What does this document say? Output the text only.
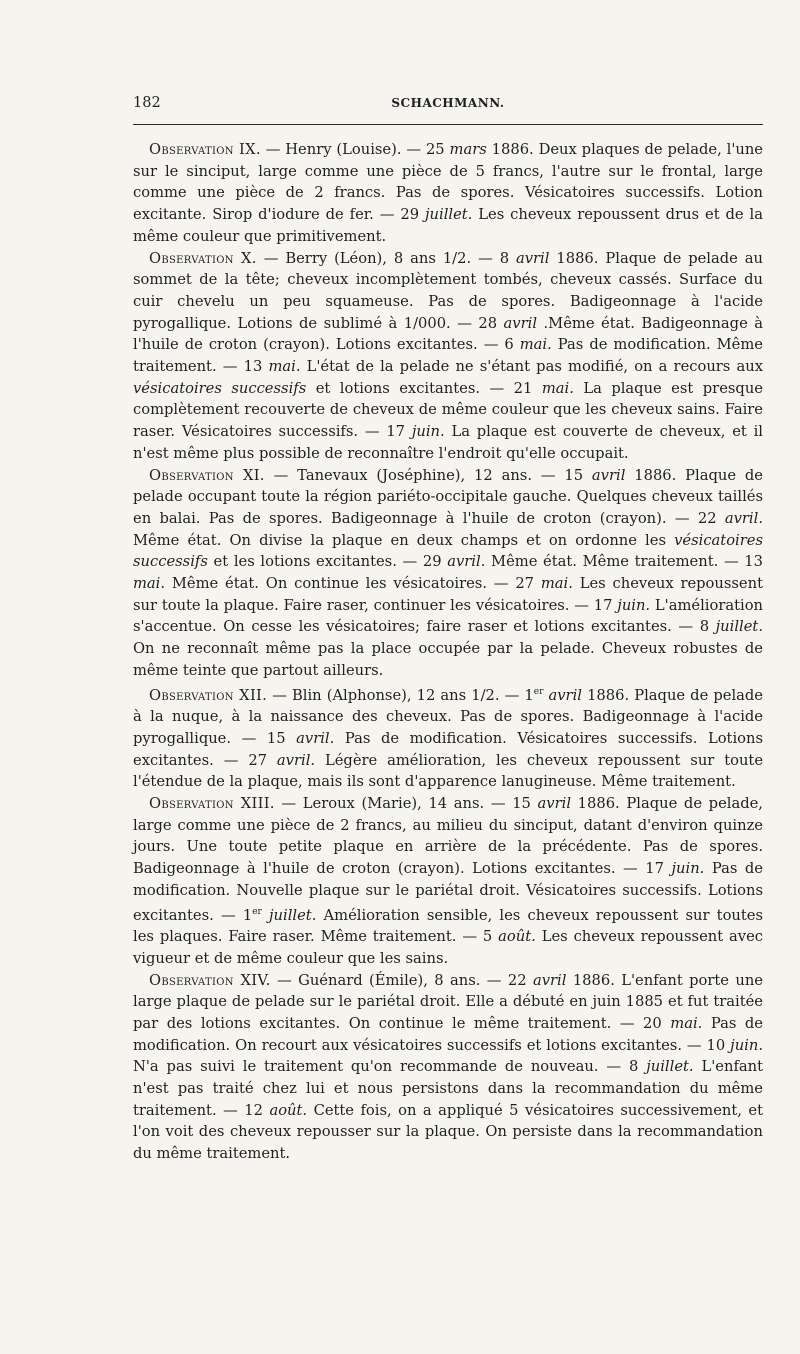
182	SCHACHMANN.

Observation IX. — Henry (Louise). — 25 mars 1886. Deux plaques de pelade, l'une sur le sinciput, large comme une pièce de 5 francs, l'autre sur le frontal, large comme une pièce de 2 francs. Pas de spores. Vésicatoires successifs. Lotion excitante. Sirop d'iodure de fer. — 29 juillet. Les cheveux repoussent drus et de la même couleur que primitivement.

Observation X. — Berry (Léon), 8 ans 1/2. — 8 avril 1886. Plaque de pelade au sommet de la tête; cheveux incomplètement tombés, cheveux cassés. Surface du cuir chevelu un peu squameuse. Pas de spores. Badigeonnage à l'acide pyrogallique. Lotions de sublimé à 1/000. — 28 avril .Même état. Badigeonnage à l'huile de croton (crayon). Lotions excitantes. — 6 mai. Pas de modification. Même traitement. — 13 mai. L'état de la pelade ne s'étant pas modifié, on a recours aux vésicatoires successifs et lotions excitantes. — 21 mai. La plaque est presque complètement recouverte de cheveux de même couleur que les cheveux sains. Faire raser. Vésicatoires successifs. — 17 juin. La plaque est couverte de cheveux, et il n'est même plus possible de reconnaître l'endroit qu'elle occupait.

Observation XI. — Tanevaux (Joséphine), 12 ans. — 15 avril 1886. Plaque de pelade occupant toute la région pariéto-occipitale gauche. Quelques cheveux taillés en balai. Pas de spores. Badigeonnage à l'huile de croton (crayon). — 22 avril. Même état. On divise la plaque en deux champs et on ordonne les vésicatoires successifs et les lotions excitantes. — 29 avril. Même état. Même traitement. — 13 mai. Même état. On continue les vésicatoires. — 27 mai. Les cheveux repoussent sur toute la plaque. Faire raser, continuer les vésicatoires. — 17 juin. L'amélioration s'accentue. On cesse les vésicatoires; faire raser et lotions excitantes. — 8 juillet. On ne reconnaît même pas la place occupée par la pelade. Cheveux robustes de même teinte que partout ailleurs.

Observation XII. — Blin (Alphonse), 12 ans 1/2. — 1er avril 1886. Plaque de pelade à la nuque, à la naissance des cheveux. Pas de spores. Badigeonnage à l'acide pyrogallique. — 15 avril. Pas de modification. Vésicatoires successifs. Lotions excitantes. — 27 avril. Légère amélioration, les cheveux repoussent sur toute l'étendue de la plaque, mais ils sont d'apparence lanugineuse. Même traitement.

Observation XIII. — Leroux (Marie), 14 ans. — 15 avril 1886. Plaque de pelade, large comme une pièce de 2 francs, au milieu du sinciput, datant d'environ quinze jours. Une toute petite plaque en arrière de la précédente. Pas de spores. Badigeonnage à l'huile de croton (crayon). Lotions excitantes. — 17 juin. Pas de modification. Nouvelle plaque sur le pariétal droit. Vésicatoires successifs. Lotions excitantes. — 1er juillet. Amélioration sensible, les cheveux repoussent sur toutes les plaques. Faire raser. Même traitement. — 5 août. Les cheveux repoussent avec vigueur et de même couleur que les sains.

Observation XIV. — Guénard (Émile), 8 ans. — 22 avril 1886. L'enfant porte une large plaque de pelade sur le pariétal droit. Elle a débuté en juin 1885 et fut traitée par des lotions excitantes. On continue le même traitement. — 20 mai. Pas de modification. On recourt aux vésicatoires successifs et lotions excitantes. — 10 juin. N'a pas suivi le traitement qu'on recommande de nouveau. — 8 juillet. L'enfant n'est pas traité chez lui et nous persistons dans la recommandation du même traitement. — 12 août. Cette fois, on a appliqué 5 vésicatoires successivement, et l'on voit des cheveux repousser sur la plaque. On persiste dans la recommandation du même traitement.
